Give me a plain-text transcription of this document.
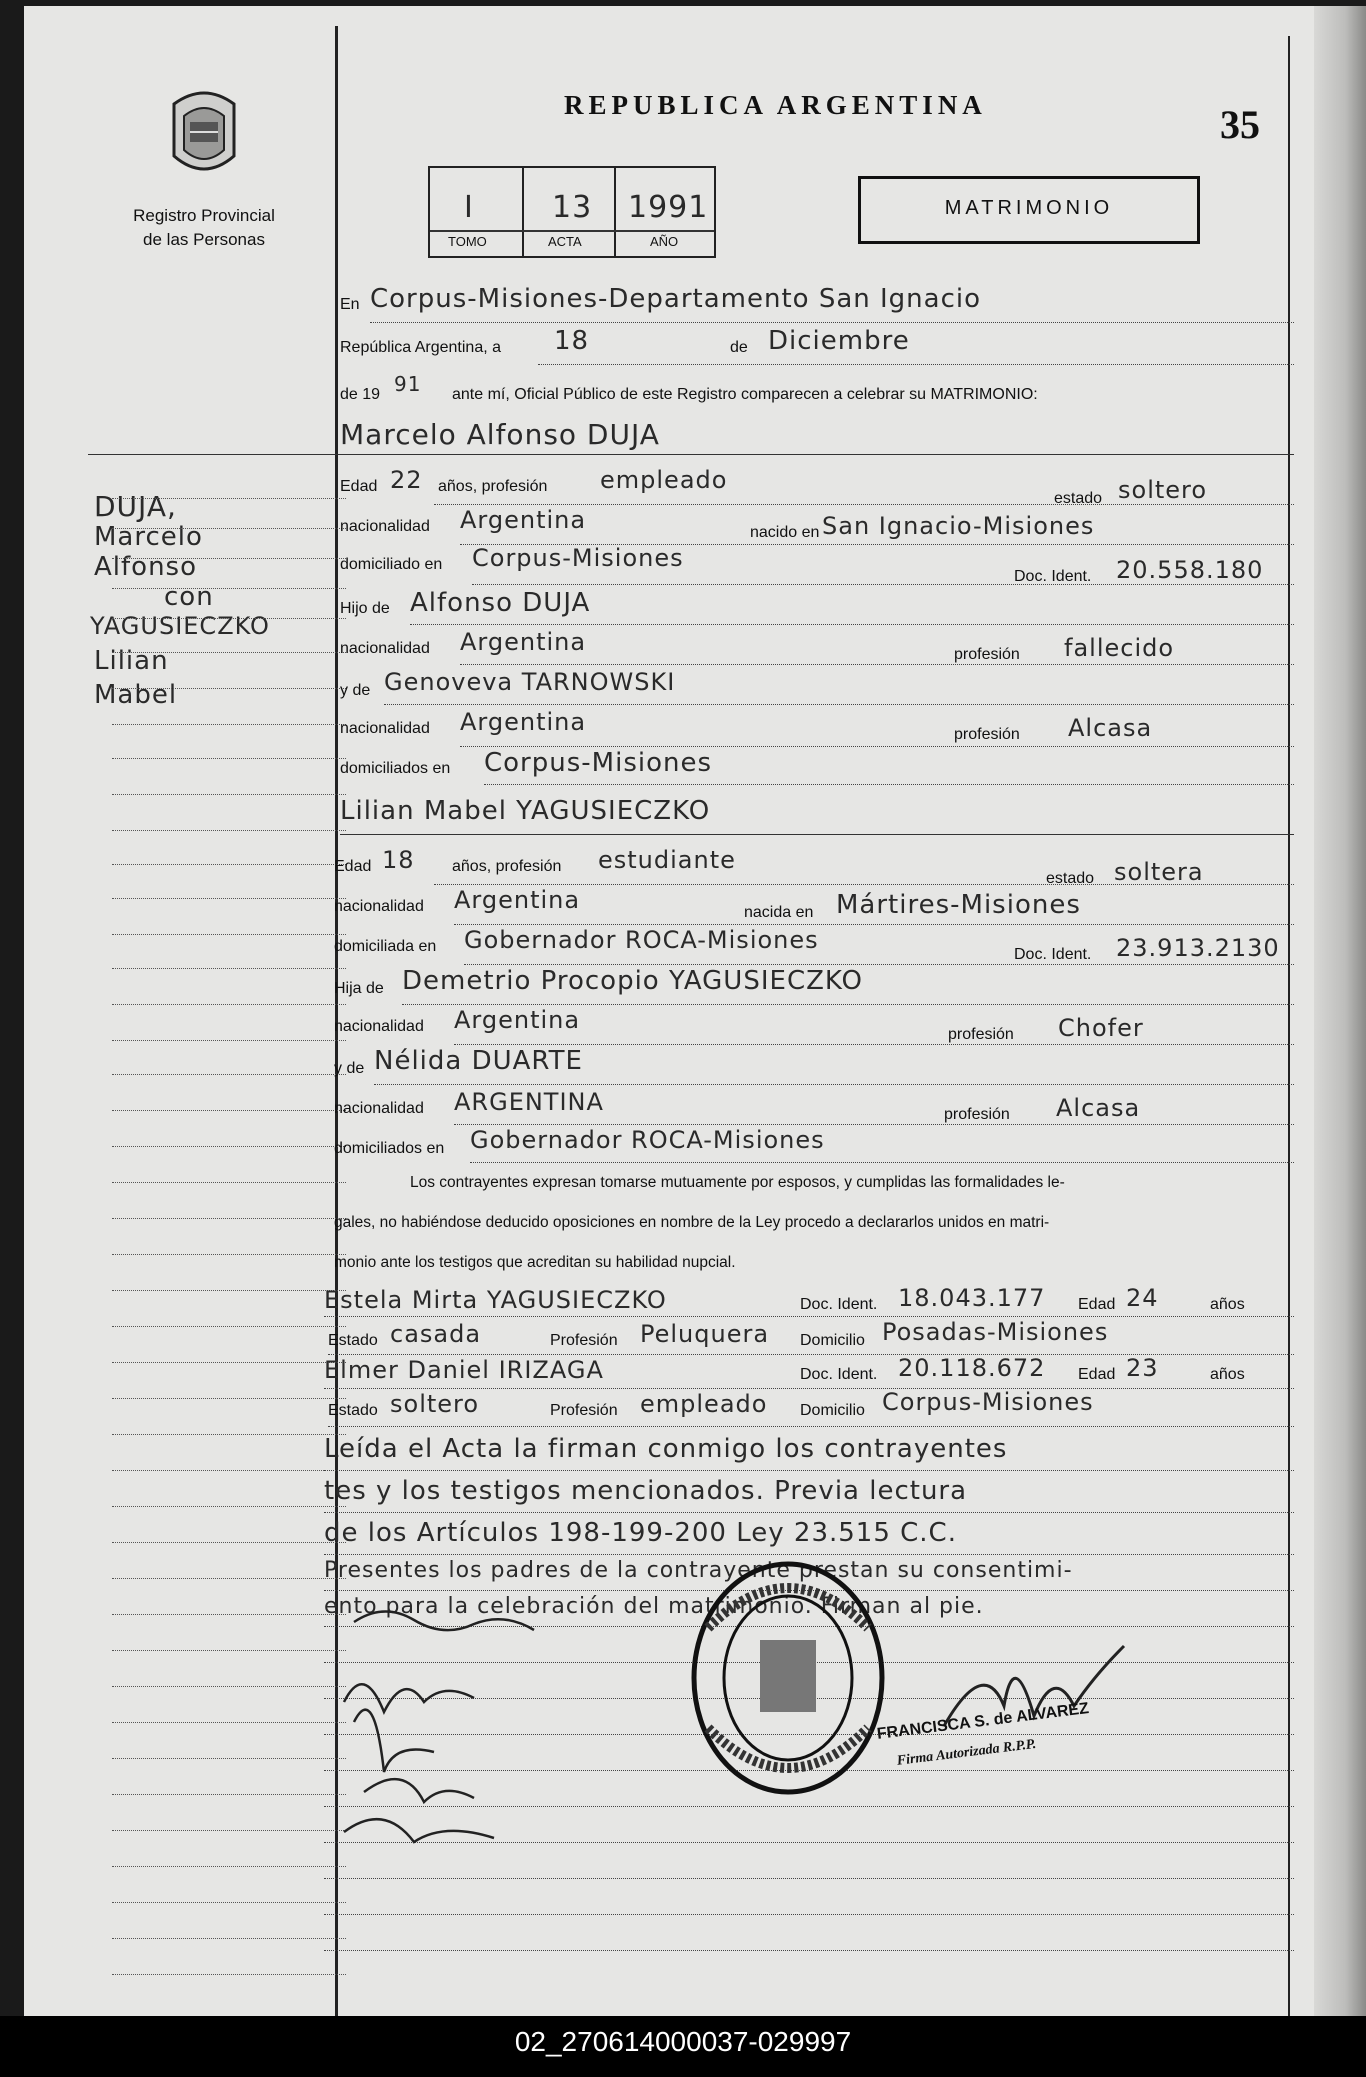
Registro Provincial
de las Personas
REPUBLICA ARGENTINA	35
I
TOMO
13
ACTA
1991
AÑO
MATRIMONIO
DUJA,
Marcelo
Alfonso
con
YAGUSIECZKO
Lilian
Mabel
En Corpus-Misiones-Departamento San Ignacio
República Argentina, a 18	de Diciembre
de 19 91 ante mí, Oficial Público de este Registro comparecen a celebrar su MATRIMONIO:
Marcelo Alfonso DUJA
Edad 22 años, profesión empleado
estado soltero
nacionalidad Argentina	nacido en San Ignacio-Misiones
domiciliado en Corpus-Misiones
Doc. Ident. 20.558.180
Hijo de Alfonso DUJA
nacionalidad Argentina	profesión fallecido
y de Genoveva TARNOWSKI
nacionalidad Argentina	profesión Alcasa
domiciliados en Corpus-Misiones
Lilian Mabel YAGUSIECZKO
Edad 18 años, profesión estudiante
estado soltera
nacionalidad Argentina	nacida en Mártires-Misiones
domiciliada en Gobernador ROCA-Misiones
Doc. Ident. 23.913.2130
Hija de Demetrio Procopio YAGUSIECZKO
nacionalidad Argentina
profesión Chofer
y de Nélida DUARTE
nacionalidad ARGENTINA	profesión Alcasa
domiciliados en Gobernador ROCA-Misiones
Los contrayentes expresan tomarse mutuamente por esposos, y cumplidas las formalidades le-
gales, no habiéndose deducido oposiciones en nombre de la Ley procedo a declararlos unidos en matri-
monio ante los testigos que acreditan su habilidad nupcial.
Estela Mirta YAGUSIECZKO	Doc. Ident. 18.043.177 Edad 24	años
Estado casada	Profesión Peluquera Domicilio Posadas-Misiones
Elmer Daniel IRIZAGA	Doc. Ident. 20.118.672 Edad 23	años
Estado soltero	Profesión empleado Domicilio Corpus-Misiones
Leída el Acta la firman conmigo los contrayentes
tes y los testigos mencionados. Previa lectura
de los Artículos 198-199-200 Ley 23.515 C.C.
Presentes los padres de la contrayente prestan su consentimi-
ento para la celebración del matrimonio. Firman al pie.
FRANCISCA S. de ALVAREZ
Firma Autorizada R.P.P.
02_270614000037-029997
